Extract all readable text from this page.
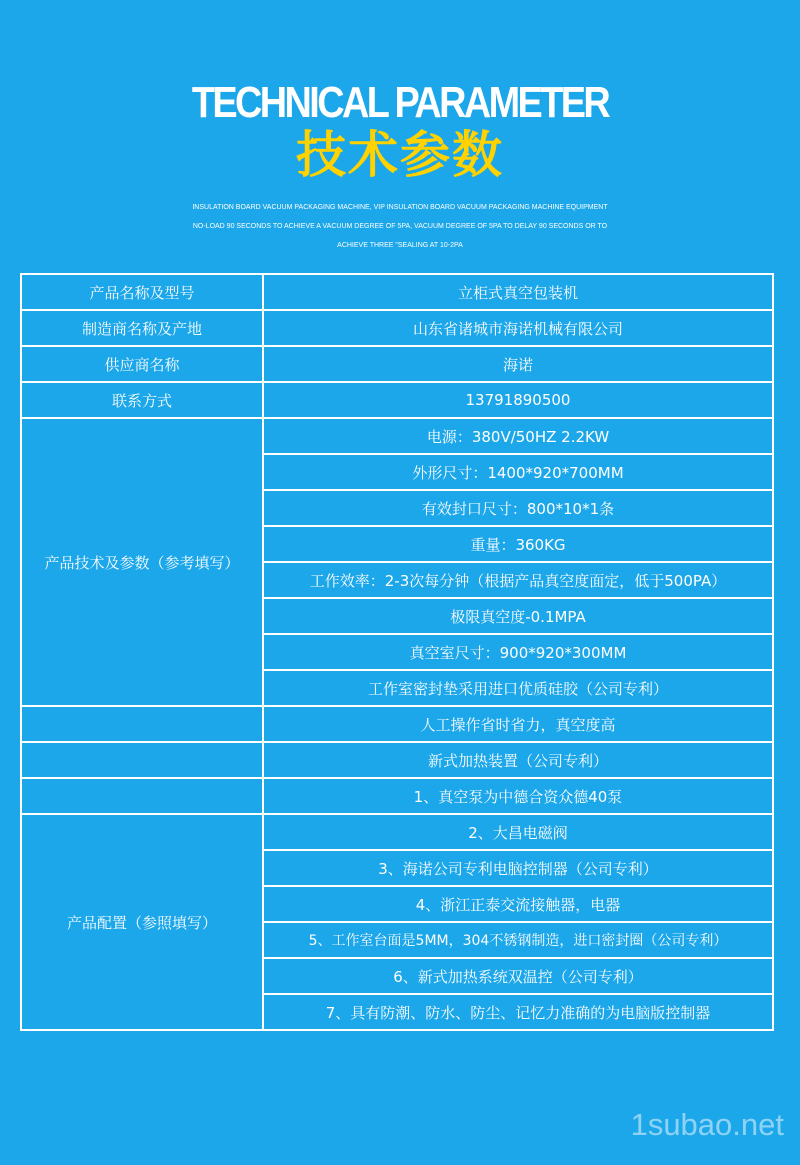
TECHNICAL PARAMETER
技术参数
INSULATION BOARD VACUUM PACKAGING MACHINE, VIP INSULATION BOARD VACUUM PACKAGING MACHINE EQUIPMENT
NO-LOAD 90 SECONDS TO ACHIEVE A VACUUM DEGREE OF 5PA, VACUUM DEGREE OF 5PA TO DELAY 90 SECONDS OR TO
ACHIEVE THREE "SEALING AT 10-2PA
产品名称及型号	立柜式真空包装机
制造商名称及产地	山东省诸城市海诺机械有限公司
供应商名称	海诺
联系方式	13791890500
产品技术及参数（参考填写）	电源：380V/50HZ 2.2KW
	外形尺寸：1400*920*700MM
	有效封口尺寸：800*10*1条
	重量：360KG
	工作效率：2-3次每分钟（根据产品真空度面定，低于500PA）
	极限真空度-0.1MPA
	真空室尺寸：900*920*300MM
	工作室密封垫采用进口优质硅胶（公司专利）
	人工操作省时省力，真空度高
	新式加热装置（公司专利）
	1、真空泵为中德合资众德40泵
产品配置（参照填写）	2、大昌电磁阀
	3、海诺公司专利电脑控制器（公司专利）
	4、浙江正泰交流接触器，电器
	5、工作室台面是5MM，304不锈钢制造，进口密封圈（公司专利）
	6、新式加热系统双温控（公司专利）
	7、具有防潮、防水、防尘、记忆力准确的为电脑版控制器
1subao.net
